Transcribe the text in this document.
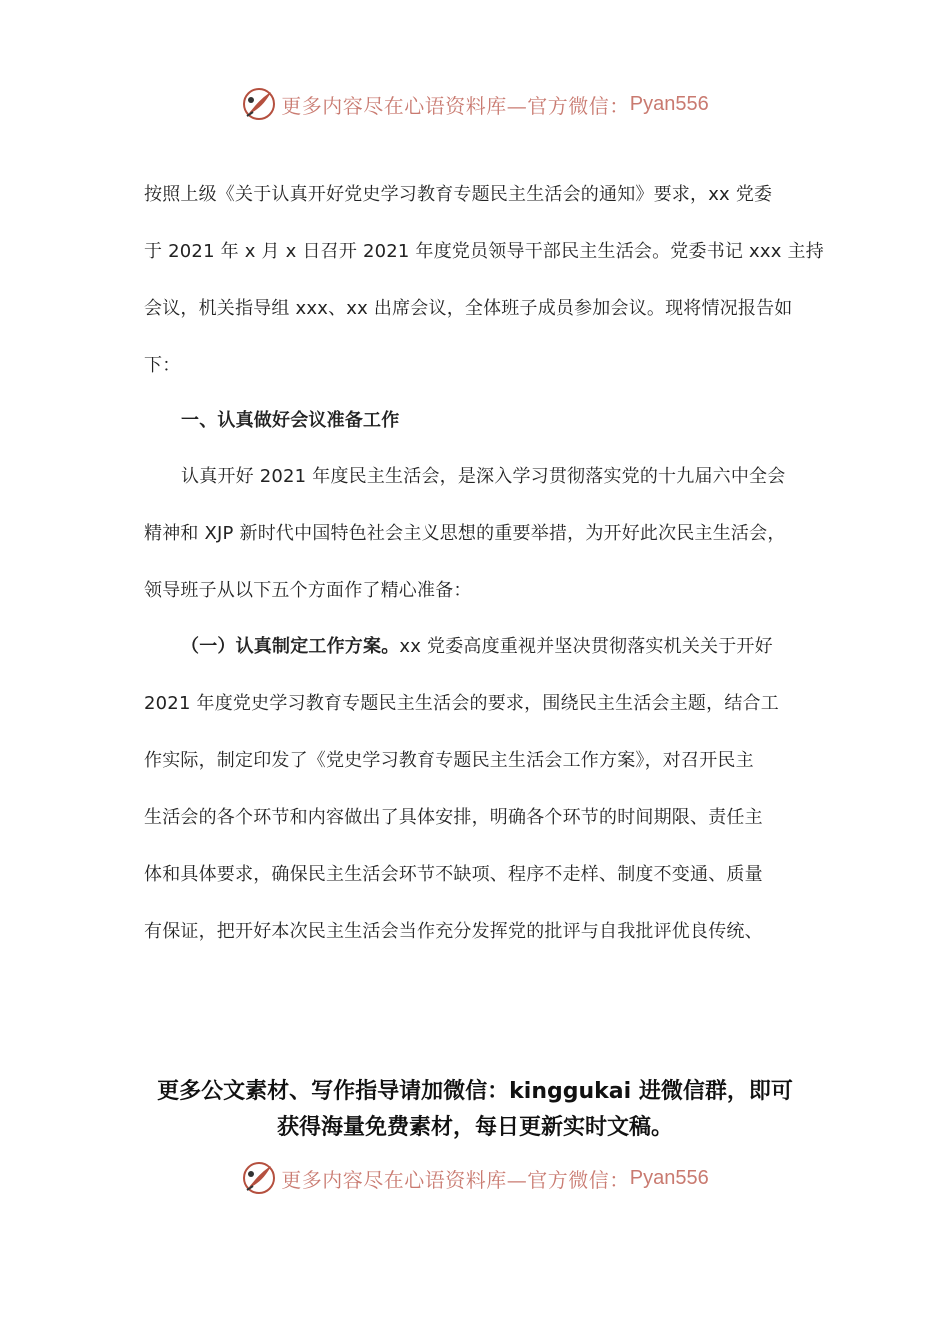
更多内容尽在心语资料库—官方微信： Pyan556
按照上级《关于认真开好党史学习教育专题民主生活会的通知》要求，xx 党委
于 2021 年 x 月 x 日召开 2021 年度党员领导干部民主生活会。党委书记 xxx 主持
会议，机关指导组 xxx、xx 出席会议，全体班子成员参加会议。现将情况报告如
下：
一、认真做好会议准备工作
认真开好 2021 年度民主生活会，是深入学习贯彻落实党的十九届六中全会
精神和 XJP 新时代中国特色社会主义思想的重要举措，为开好此次民主生活会，
领导班子从以下五个方面作了精心准备：
（一）认真制定工作方案。xx 党委高度重视并坚决贯彻落实机关关于开好
2021 年度党史学习教育专题民主生活会的要求，围绕民主生活会主题，结合工
作实际，制定印发了《党史学习教育专题民主生活会工作方案》，对召开民主
生活会的各个环节和内容做出了具体安排，明确各个环节的时间期限、责任主
体和具体要求，确保民主生活会环节不缺项、程序不走样、制度不变通、质量
有保证，把开好本次民主生活会当作充分发挥党的批评与自我批评优良传统、
更多公文素材、写作指导请加微信：kinggukai 进微信群，即可
获得海量免费素材，每日更新实时文稿。
更多内容尽在心语资料库—官方微信： Pyan556
